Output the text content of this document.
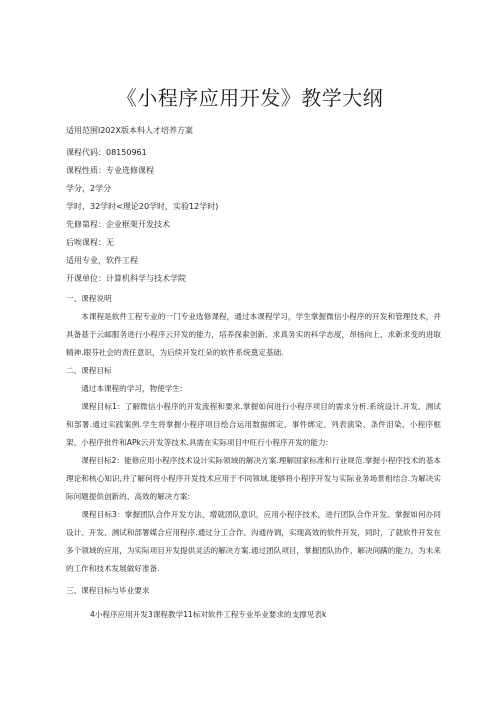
《小程序应用开发》教学大纲
适用范围l202X版本科人才培养方案
课程代码：08150961
课程性质：专业选修课程
学分，2学分
学时，32学时<理论20学时，实验12学时)
先修第程：企业框架开发技术
后唉课程：无
适用专业，软件工程
开课单位：计算机科学与技术学院
一、课程说明
本课程是软件工程专业的一门专业选修课程，通过本课程学习，学生掌握微信小程序的开发和管理技术，并具备基于云邮服务进行小程序云开发的能力，培养探索创新、求真务实的科学态度，昂扬向上、求新求变的进取精神.眼芬社会的责任意识，为后续开发红朵的软件系统奠定基础.
二、课程目标
通过本课程的学习，物使学生:
课程目标1：了解微信小程序的开发流程和要求.掌握如何进行小程序项目的需求分析.系统设计.开发、测试和部署.通过实践案例.学生将掌握小程序项目绘合运用数据绑定、事件绑定、列表演染、条件泪染、小程序框架、小程序批件和APk云开发等技术.具需在实际项目中旺行小程序开发的能力:
课程目标2：能修应用小程序技术设计实际领域的解决方案.理解国家标准和行业规范.掌握小程序技术的基本理论和核心知识,并了解何将小程序开发技术应用于不同领域.能够将小程序开发与实际业务场景相结合.为解决实际问题提供创新的、高效的解决方案:
课程目标3：掌握团队合作开发方法，增就团队意识，应用小程序技术，进行团队合作开发。掌握如何办同设计、开发、测试和部署媒合应用程序.通过分工合作、沟通待调，实现高效的软件开发，同时，了就软件开发在多个领域的应用，为实际项目开发提供灵活的解决方案.通过团队项目，掌握团队协作、解决间蹒的能力，为未来的工作和技术发展做好准备.
三、课程目标与毕业要求
4小程序应用开发3课程教学11标对软件工程专业毕业要求的支撑见表k
